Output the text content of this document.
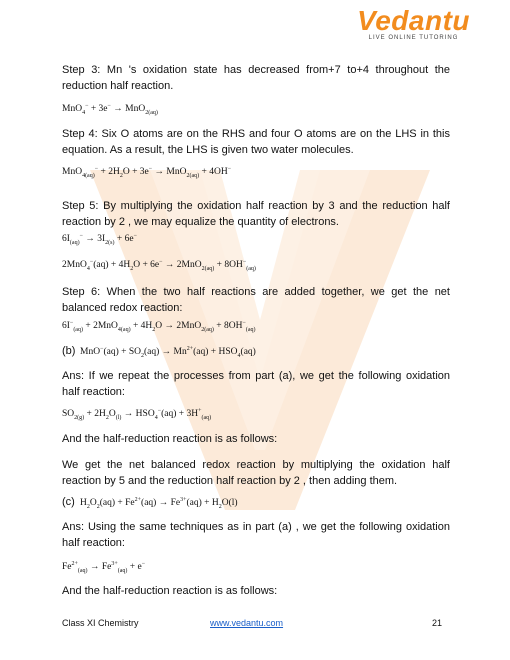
Vedantu
LIVE ONLINE TUTORING

Step 3: Mn 's oxidation state has decreased from+7 to+4 throughout the reduction half reaction.

MnO$_4$− + 3e− → MnO$_{2(aq)}$

Step 4: Six O atoms are on the RHS and four O atoms are on the LHS in this equation. As a result, the LHS is given two water molecules.

$MnO_{4(aq)}^- + 2H_2O + 3e^- \to MnO_{2(aq)} + 4OH^-$

Step 5: By multiplying the oxidation half reaction by 3 and the reduction half reaction by 2 , we may equalize the quantity of electrons.

$6I_{(aq)}^- \to 3I_{2(s)} + 6e^-$
$2MnO_4^-(aq) + 4H_2O + 6e^- \to 2MnO_{2(aq)} + 8OH^-_{(aq)}$

Step 6: When the two half reactions are added together, we get the net balanced redox reaction:

$6I^-_{(aq)} + 2MnO_{4(aq)} + 4H_2O \to 2MnO_{2(aq)} + 8OH^-_{(aq)}$
(b) $MnO^-(aq) + SO_2(aq) \to Mn^{2+}(aq) + HSO_4(aq)$

Ans: If we repeat the processes from part (a), we get the following oxidation half reaction:

$SO_{2(g)} + 2H_2O_{(l)} \to HSO_4^-(aq) + 3H^+_{(aq)}$

And the half-reduction reaction is as follows:

We get the net balanced redox reaction by multiplying the oxidation half reaction by 5 and the reduction half reaction by 2 , then adding them.

(c) $H_2O_2(aq) + Fe^{2+}(aq) \to Fe^{3+}(aq) + H_2O(l)$

Ans: Using the same techniques as in part (a) , we get the following oxidation half reaction:

$Fe^{2+}_{(aq)} \to Fe^{3+}_{(aq)} + e^-$

And the half-reduction reaction is as follows:

Class XI Chemistry	www.vedantu.com	21
